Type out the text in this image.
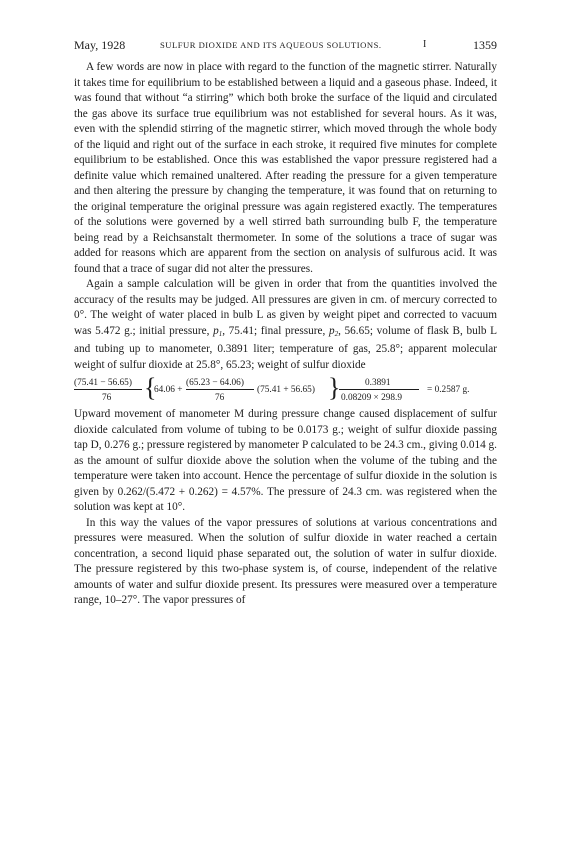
May, 1928	SULFUR DIOXIDE AND ITS AQUEOUS SOLUTIONS.	I	1359

A few words are now in place with regard to the function of the magnetic stirrer. Naturally it takes time for equilibrium to be established between a liquid and a gaseous phase. Indeed, it was found that without “a stirring” which both broke the surface of the liquid and circulated the gas above its surface true equilibrium was not established for several hours. As it was, even with the splendid stirring of the magnetic stirrer, which moved through the whole body of the liquid and right out of the surface in each stroke, it required five minutes for complete equilibrium to be established. Once this was established the vapor pressure registered had a definite value which remained unaltered. After reading the pressure for a given temperature and then altering the pressure by changing the temperature, it was found that on returning to the original temperature the original pressure was again registered exactly. The temperatures of the solutions were governed by a well stirred bath surrounding bulb F, the temperature being read by a Reichsanstalt thermometer. In some of the solutions a trace of sugar was added for reasons which are apparent from the section on analysis of sulfurous acid. It was found that a trace of sugar did not alter the pressures.

Again a sample calculation will be given in order that from the quantities involved the accuracy of the results may be judged. All pressures are given in cm. of mercury corrected to 0°. The weight of water placed in bulb L as given by weight pipet and corrected to vacuum was 5.472 g.; initial pressure, $p_1$, 75.41; final pressure, $p_2$, 56.65; volume of flask B, bulb L and tubing up to manometer, 0.3891 liter; temperature of gas, 25.8°; apparent molecular weight of sulfur dioxide at 25.8°, 65.23; weight of sulfur dioxide

(75.41 − 56.65)
76 {
64.06 +
(65.23 − 64.06)
76
(75.41 + 56.65) }	0.3891
0.08209 × 298.9
= 0.2587 g.

Upward movement of manometer M during pressure change caused displacement of sulfur dioxide calculated from volume of tubing to be 0.0173 g.; weight of sulfur dioxide passing tap D, 0.276 g.; pressure registered by manometer P calculated to be 24.3 cm., giving 0.014 g. as the amount of sulfur dioxide above the solution when the volume of the tubing and the temperature were taken into account. Hence the percentage of sulfur dioxide in the solution is given by 0.262/(5.472 + 0.262) = 4.57%. The pressure of 24.3 cm. was registered when the solution was kept at 10°.

In this way the values of the vapor pressures of solutions at various concentrations and pressures were measured. When the solution of sulfur dioxide in water reached a certain concentration, a second liquid phase separated out, the solution of water in sulfur dioxide. The pressure registered by this two-phase system is, of course, independent of the relative amounts of water and sulfur dioxide present. Its pressures were measured over a temperature range, 10–27°. The vapor pressures of
